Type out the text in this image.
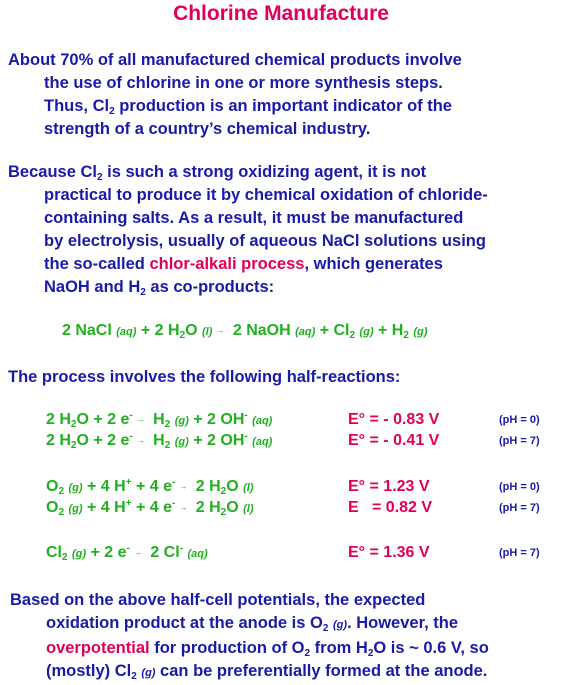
Chlorine Manufacture
About 70% of all manufactured chemical products involve
the use of chlorine in one or more synthesis steps.
Thus, $Cl_2$ production is an important indicator of the
strength of a country’s chemical industry.
Because $Cl_2$ is such a strong oxidizing agent, it is not
practical to produce it by chemical oxidation of chloride-
containing salts. As a result, it must be manufactured
by electrolysis, usually of aqueous NaCl solutions using
the so-called chlor-alkali process, which generates
NaOH and $H_2$ as co-products:
2 NaCl (aq) + 2 $H_2O$ (l) → 2 NaOH $(aq) + Cl_2$ $(g) + H_2$ (g)
The process involves the following half-reactions:
2 $H_2O + 2$ $e^- \to H_2$ (g) + 2 OH- (aq)	E° = - 0.83 V	(pH = 0)
2 $H_2O + 2$ $e^- \to H_2$ (g) + 2 OH- (aq)	E° = - 0.41 V	(pH = 7)
$O_2$ (g) + 4 H+ + 4 e- → 2 $H_2O$ (l)	E° = 1.23 V	(pH = 0)
$O_2$ (g) + 4 H+ + 4 e- → 2 $H_2O$ (l)	E   = 0.82 V	(pH = 7)
$Cl_2$ (g) + 2 e- → 2 Cl- (aq)	E° = 1.36 V	(pH = 7)
Based on the above half-cell potentials, the expected
oxidation product at the anode is $O_2$ (g). However, the
overpotential for production of $O_2$ from $H_2O$ is ~ 0.6 V, so
(mostly) $Cl_2$ (g) can be preferentially formed at the anode.
